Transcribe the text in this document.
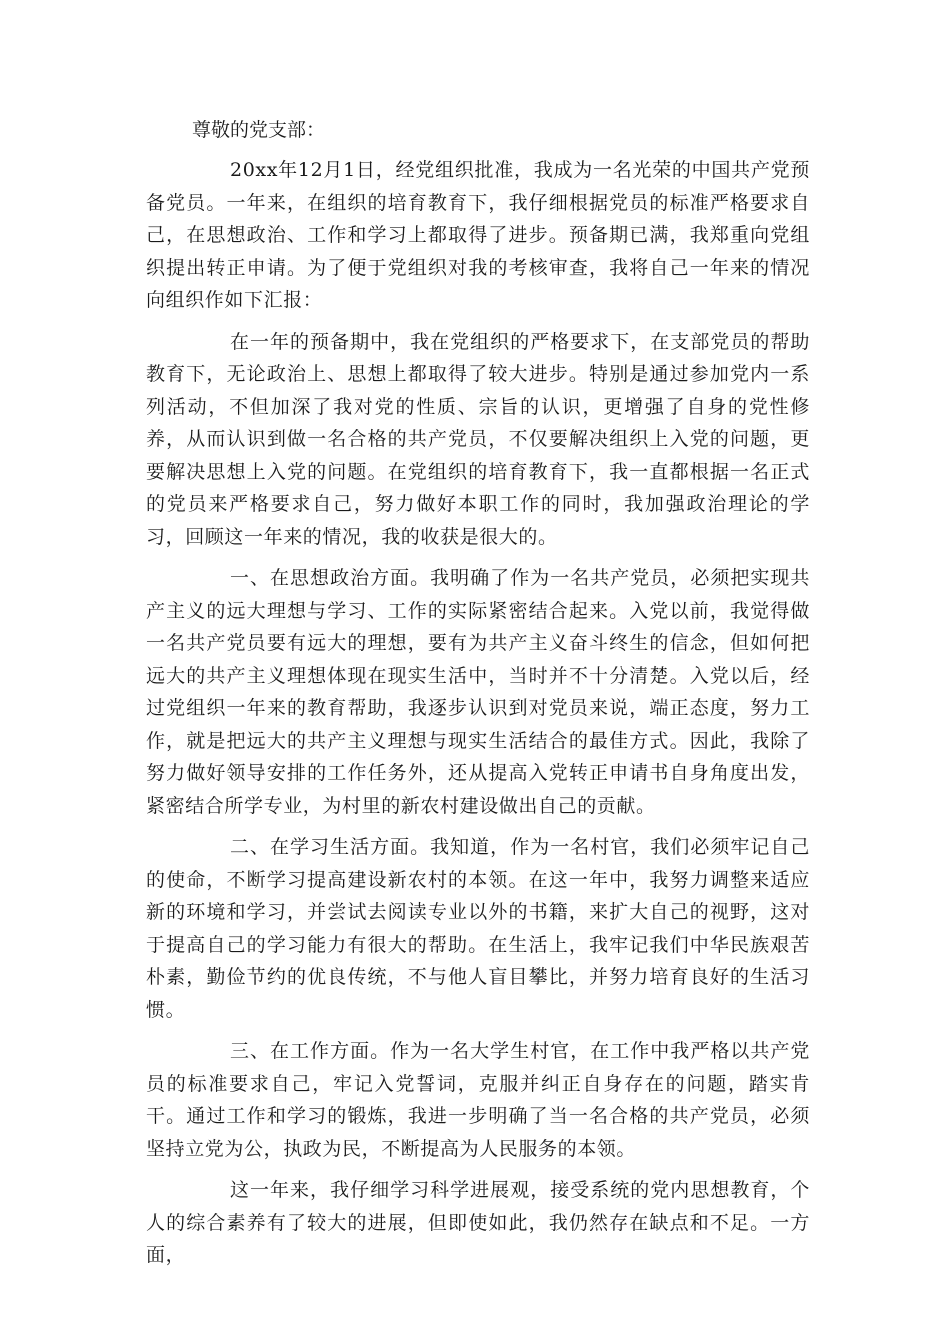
尊敬的党支部：

20xx年12月1日，经党组织批准，我成为一名光荣的中国共产党预备党员。一年来，在组织的培育教育下，我仔细根据党员的标准严格要求自己，在思想政治、工作和学习上都取得了进步。预备期已满，我郑重向党组织提出转正申请。为了便于党组织对我的考核审查，我将自己一年来的情况向组织作如下汇报：

在一年的预备期中，我在党组织的严格要求下，在支部党员的帮助教育下，无论政治上、思想上都取得了较大进步。特别是通过参加党内一系列活动，不但加深了我对党的性质、宗旨的认识，更增强了自身的党性修养，从而认识到做一名合格的共产党员，不仅要解决组织上入党的问题，更要解决思想上入党的问题。在党组织的培育教育下，我一直都根据一名正式的党员来严格要求自己，努力做好本职工作的同时，我加强政治理论的学习，回顾这一年来的情况，我的收获是很大的。

一、在思想政治方面。我明确了作为一名共产党员，必须把实现共产主义的远大理想与学习、工作的实际紧密结合起来。入党以前，我觉得做一名共产党员要有远大的理想，要有为共产主义奋斗终生的信念，但如何把远大的共产主义理想体现在现实生活中，当时并不十分清楚。入党以后，经过党组织一年来的教育帮助，我逐步认识到对党员来说，端正态度，努力工作，就是把远大的共产主义理想与现实生活结合的最佳方式。因此，我除了努力做好领导安排的工作任务外，还从提高入党转正申请书自身角度出发，紧密结合所学专业，为村里的新农村建设做出自己的贡献。

二、在学习生活方面。我知道，作为一名村官，我们必须牢记自己的使命，不断学习提高建设新农村的本领。在这一年中，我努力调整来适应新的环境和学习，并尝试去阅读专业以外的书籍，来扩大自己的视野，这对于提高自己的学习能力有很大的帮助。在生活上，我牢记我们中华民族艰苦朴素，勤俭节约的优良传统，不与他人盲目攀比，并努力培育良好的生活习惯。

三、在工作方面。作为一名大学生村官，在工作中我严格以共产党员的标准要求自己，牢记入党誓词，克服并纠正自身存在的问题，踏实肯干。通过工作和学习的锻炼，我进一步明确了当一名合格的共产党员，必须坚持立党为公，执政为民，不断提高为人民服务的本领。

这一年来，我仔细学习科学进展观，接受系统的党内思想教育，个人的综合素养有了较大的进展，但即使如此，我仍然存在缺点和不足。一方面，
